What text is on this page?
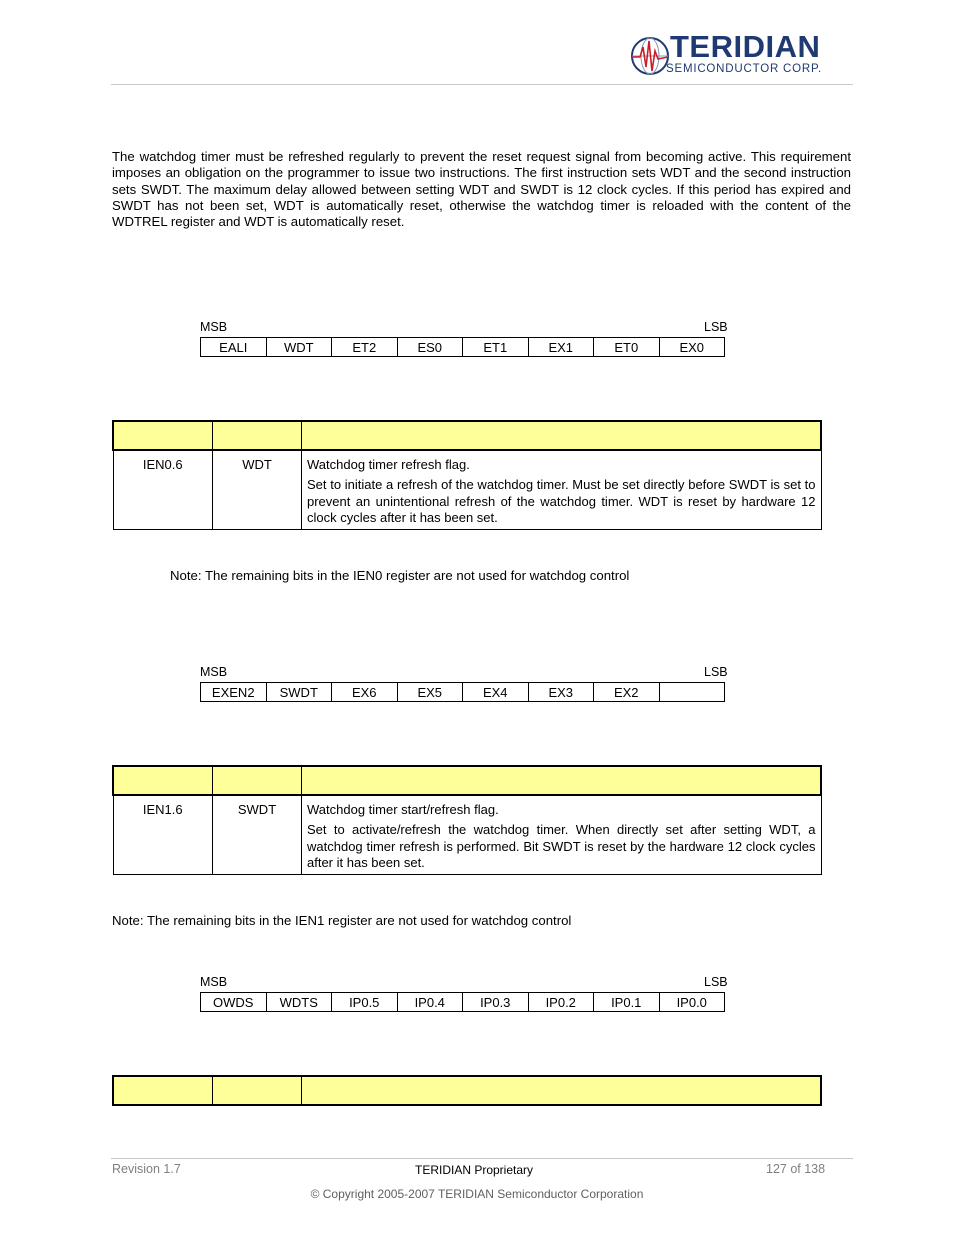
TERIDIAN
SEMICONDUCTOR CORP.
The watchdog timer must be refreshed regularly to prevent the reset request signal from becoming active. This requirement imposes an obligation on the programmer to issue two instructions. The first instruction sets WDT and the second instruction sets SWDT. The maximum delay allowed between setting WDT and SWDT is 12 clock cycles. If this period has expired and SWDT has not been set, WDT is automatically reset, otherwise the watchdog timer is reloaded with the content of the WDTREL register and WDT is automatically reset.
MSB	LSB
EALI	WDT	ET2	ES0	ET1	EX1	ET0	EX0

IEN0.6	WDT	Watchdog timer refresh flag.

Set to initiate a refresh of the watchdog timer. Must be set directly before SWDT is set to prevent an unintentional refresh of the watchdog timer. WDT is reset by hardware 12 clock cycles after it has been set.

Note: The remaining bits in the IEN0 register are not used for watchdog control
MSB	LSB
EXEN2	SWDT	EX6	EX5	EX4	EX3	EX2

IEN1.6	SWDT	Watchdog timer start/refresh flag.

Set to activate/refresh the watchdog timer. When directly set after setting WDT, a watchdog timer refresh is performed. Bit SWDT is reset by the hardware 12 clock cycles after it has been set.

Note: The remaining bits in the IEN1 register are not used for watchdog control
MSB	LSB
OWDS	WDTS	IP0.5	IP0.4	IP0.3	IP0.2	IP0.1	IP0.0

Revision 1.7	TERIDIAN Proprietary	127 of 138
© Copyright 2005-2007 TERIDIAN Semiconductor Corporation
